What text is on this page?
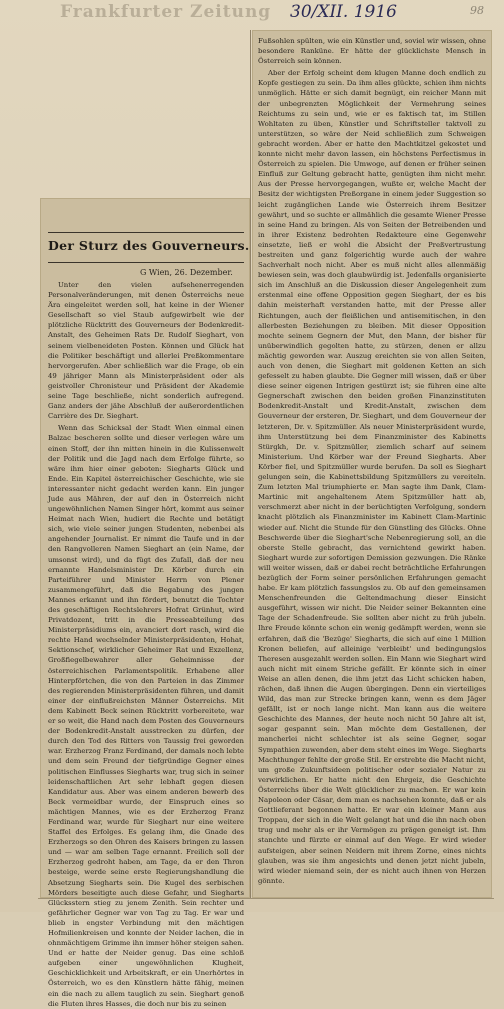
Frankfurter Zeitung	30/XII. 1916	98
Der Sturz des Gouverneurs.
G Wien, 26. Dezember.

Unter den vielen aufsehenerregenden Personalveränderungen, mit denen Österreichs neue Ära eingeleitet werden soll, hat keine in der Wiener Gesellschaft so viel Staub aufgewirbelt wie der plötzliche Rücktritt des Gouverneurs der Bodenkredit-Anstalt, des Geheimen Rats Dr. Rudolf Sieghart, von seinem vielbeneideten Posten. Können und Glück hat die Politiker beschäftigt und allerlei Preßkommentare hervorgerufen. Aber schließlich war die Frage, ob ein 49 jähriger Mann als Ministerpräsident oder als geistvoller Chronisteur und Präsident der Akademie seine Tage beschließe, nicht sonderlich aufregend. Ganz anders der jähe Abschluß der außerordentlichen Carrière des Dr. Sieghart.

Wenn das Schicksal der Stadt Wien einmal einen Balzac bescheren sollte und dieser verlegen wäre um einen Stoff, der ihn mitten hinein in die Kulissenwelt der Politik und die Jagd nach dem Erfolge führte, so wäre ihm hier einer geboten: Siegharts Glück und Ende. Ein Kapitel österreichischer Geschichte, wie sie interessanter nicht gedacht werden kann. Ein junger Jude aus Mähren, der auf den in Österreich nicht ungewöhnlichen Namen Singer hört, kommt aus seiner Heimat nach Wien, hudiert die Rechte und betätigt sich, wie viele seiner jungen Studenten, nebenbei als angehender Journalist. Er nimmt die Taufe und in der den Rangvolleren Namen Sieghart an (ein Name, der umsonst wird), und da fügt des Zufall, daß der neu ernannte Handelsminister Dr. Körber durch ein Parteiführer und Minister Herrn von Plener zusammengeführt, daß die Begabung des jungen Mannes erkannt und ihn fördert, benutzt die Tochter des geschäftigen Rechtslehrers Hofrat Grünhut, wird Privatdozent, tritt in die Presseabteilung des Ministerpräsidiums ein, avanciert dort rasch, wird die rechte Hand wechselnder Ministerpräsidenten, Hohat, Sektionschef, wirklicher Geheimer Rat und Exzellenz, Großfiegelbewahrer aller Geheimnisse der österreichischen Parlamentspolitik. Erhabene aller Hinterpförtchen, die von den Parteien in das Zimmer des regierenden Ministerpräsidenten führen, und damit einer der einflußreichsten Männer Österreichs. Mit dem Kabinett Beck seinen Rücktritt vorbereitete, war er so weit, die Hand nach dem Posten des Gouverneurs der Bodenkredit-Anstalt ausstrecken zu dürfen, der durch den Tod des Ritters von Taussig frei geworden war. Erzherzog Franz Ferdinand, der damals noch lebte und dem sein Freund der tiefgründige Gegner eines politischen Einflusses Siegharts war, trug sich in seiner leidenschaftlichen Art sehr lebhaft gegen diesen Kandidatur aus. Aber was einem anderen bewerb des Beck vermeidbar wurde, der Einspruch eines so mächtigen Mannes, wie es der Erzherzog Franz Ferdinand war, wurde für Sieghart nur eine weitere Staffel des Erfolges. Es gelang ihm, die Gnade des Erzherzogs so den Ohren des Kaisers bringen zu lassen und — war am selben Tage ernannt. Freilich soll der Erzherzog gedroht haben, am Tage, da er den Thron besteige, werde seine erste Regierungshandlung die Absetzung Siegharts sein. Die Kugel des serbischen Mörders beseitigte auch diese Gefahr, und Siegharts Glücksstern stieg zu jenem Zenith. Sein rechter und gefährlicher Gegner war von Tag zu Tag. Er war und blieb in engster Verbindung mit den mächtigen Hofmilienkreisen und konnte der Neider lachen, die in ohnmächtigem Grimme ihn immer höher steigen sahen. Und er hatte der Neider genug. Das eine schloß aufgeben einer ungewöhnlichen Klugheit, Geschicklichkeit und Arbeitskraft, er ein Unerhörtes in Österreich, wo es den Künstlern hätte fähig, meinen ein die nach zu allem tauglich zu sein. Sieghart genoß die Fluten ihres Hasses, die doch nur bis zu seinen

Fußsohlen spülten, wie ein Künstler und, soviel wir wissen, ohne besondere Ranküne. Er hätte der glücklichste Mensch in Österreich sein können.

Aber der Erfolg scheint dem klugen Manne doch endlich zu Kopfe gestiegen zu sein. Da ihm alles glückte, schien ihm nichts unmöglich. Hätte er sich damit begnügt, ein reicher Mann mit der unbegrenzten Möglichkeit der Vermehrung seines Reichtums zu sein und, wie er es faktisch tat, im Stillen Wohltaten zu üben, Künstler und Schriftsteller taktvoll zu unterstützen, so wäre der Neid schließlich zum Schweigen gebracht worden. Aber er hatte den Machtkitzel gekostet und konnte nicht mehr davon lassen, ein höchstens Perfectismus in Österreich zu spielen. Die Umwoge, auf denen er früher seinen Einfluß zur Geltung gebracht hatte, genügten ihm nicht mehr. Aus der Presse hervorgegangen, wußte er, welche Macht der Besitz der wichtigsten Preßorgane in einem jeder Suggestion so leicht zugänglichen Lande wie Österreich ihrem Besitzer gewährt, und so suchte er allmählich die gesamte Wiener Presse in seine Hand zu bringen. Als von Seiten der Betreibenden und in ihrer Existenz bedrohten Redakteure eine Gegenwehr einsetzte, ließ er wohl die Absicht der Preßvertrustung bestreiten und ganz folgerichtig wurde auch der wahre Sachverhalt noch nicht. Aber es muß nicht alles allenmäßig bewiesen sein, was doch glaubwürdig ist. Jedenfalls organisierte sich im Anschluß an die Diskussion dieser Angelegenheit zum erstenmal eine offene Opposition gegen Sieghart, der es bis dahin meisterhaft verstanden hatte, mit der Presse aller Richtungen, auch der fleißlichen und antisemitischen, in den allerbesten Beziehungen zu bleiben. Mit dieser Opposition mochte seinem Gegnern der Mut, den Mann, der bisher für unüberwindlich gegolten hatte, zu stürzen, denen er allzu mächtig geworden war. Auszug ereichten sie von allen Seiten, auch von denen, die Sieghart mit goldenen Ketten an sich gefesselt zu haben glaubte. Die Gegner mill wissen, daß er über diese seiner eigenen Intrigen gestürzt ist; sie führen eine alte Gegnerschaft zwischen den beiden großen Finanzinstituten Bodenkredit-Anstalt und Kredit-Anstalt, zwischen dem Gouverneur der ersteren, Dr. Sieghart, und dem Gouverneur der letzteren, Dr. v. Spitzmüller. Als neuer Ministerpräsident wurde, ihm Unterstützung bei dem Finanzminister des Kabinetts Stürgkh, Dr. v. Spitzmüller, ziemlich scharf auf seinem Ministerium. Und Körber war der Freund Siegharts. Aber Körber fiel, und Spitzmüller wurde berufen. Da soll es Sieghart gelungen sein, die Kabinettsbildung Spitzmüllers zu vereiteln. Zum letzten Mal triumphierte er. Man sagte ihm Dank, Clam-Martinic mit angehaltenem Atem Spitzmüller hatt ab, verschmerzt aber nicht in der berüchtigten Verfolgung, sondern knacht plötzlich als Finanzminister im Kabinett Clam-Martinic wieder auf. Nicht die Stunde für den Günstling des Glücks. Ohne Beschwerde über die Sieghart'sche Nebenregierung soll, an die oberste Stelle gebracht, das vernichtend gewirkt haben. Sieghart wurde zur sofortigen Demission gezwungen. Die Ränke will weiter wissen, daß er dabei recht beträchtliche Erfahrungen bezüglich der Form seiner persönlichen Erfahrungen gemacht habe. Er kam plötzlich fassungslos zu. Ob auf den gemeinsamen Menschenfreunden die Geltendmachung dieser Einsicht ausgeführt, wissen wir nicht. Die Neider seiner Bekannten eine Tage der Schadenfreude. Sie sollten aber nicht zu früh jubeln. Ihre Freude könnte schon ein wenig gedämpft werden, wenn sie erfahren, daß die 'Bezüge' Siegharts, die sich auf eine 1 Million Kronen beliefen, auf alleinige 'verbleibt' und bedingungslos Theresen ausgezahlt werden sollen. Ein Mann wie Sieghart wird auch nicht mit einem Striche gefällt. Er könnte sich in einer Weise an allen denen, die ihm jetzt das Licht schicken haben, rächen, daß ihnen die Augen übergingen. Denn ein vierteiliges Wild, das man zur Strecke bringen kann, wenn es dem Jäger gefällt, ist er noch lange nicht. Man kann aus die weitere Geschichte des Mannes, der heute noch nicht 50 Jahre alt ist, sogar gespannt sein. Man möchte dem Gestallenen, der mancherlei nicht schlechter ist als seine Gegner, sogar Sympathien zuwenden, aber dem steht eines im Wege. Siegharts Machthunger fehlte der große Stil. Er erstrebte die Macht nicht, um große Zukunftsideen politischer oder sozialer Natur zu verwirklichen. Er hatte nicht den Ehrgeiz, die Geschichte Österreichs über die Welt glücklicher zu machen. Er war kein Napoleon oder Cäsar, dem man es nachsehen konnte, daß er als Gottlieferant begonnen hatte. Er war ein kleiner Mann aus Troppau, der sich in die Welt gelangt hat und die ihn nach oben trug und mehr als er ihr Vermögen zu prägen geneigt ist. Ihm stanchte und fürzte er einmal auf den Wege. Er wird wieder aufsteigen, aber seinen Neidern mit ihrem Zorne, eines nichts glauben, was sie ihm angesichts und denen jetzt nicht jubeln, wird wieder niemand sein, der es nicht auch ihnen von Herzen gönnte.
